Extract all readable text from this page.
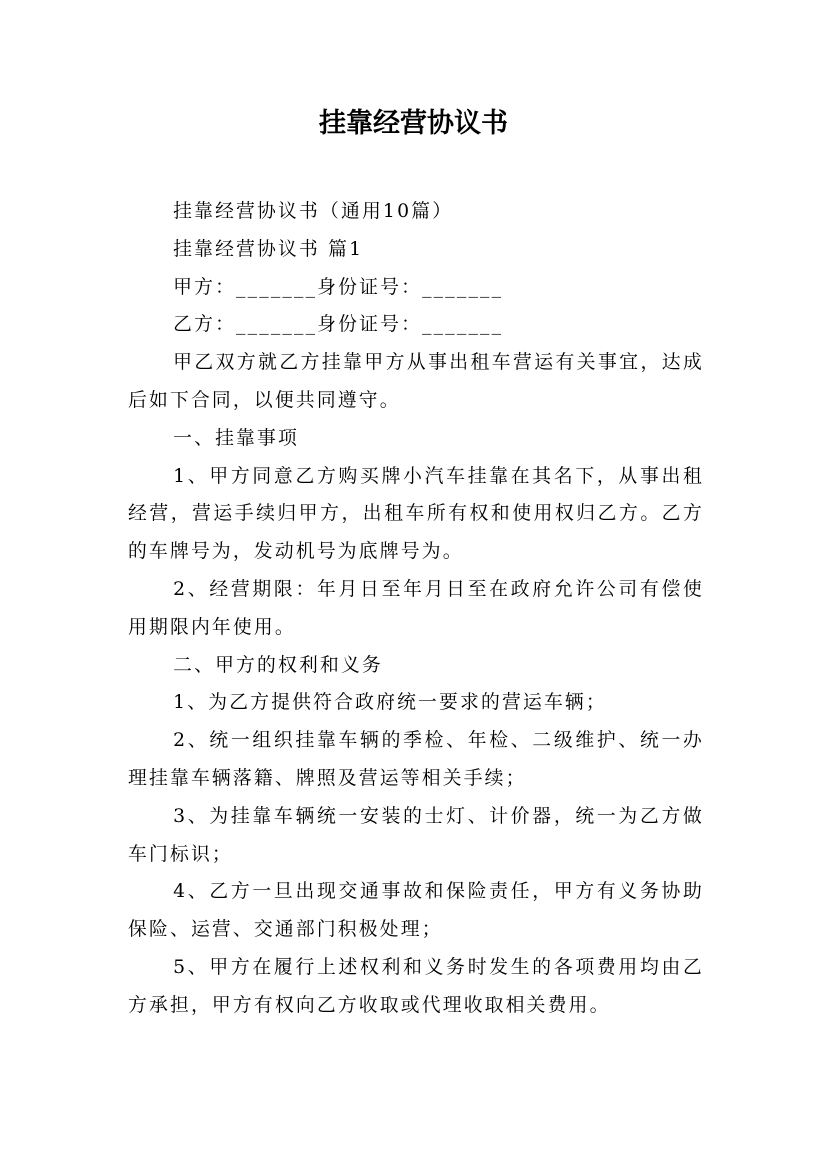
挂靠经营协议书

挂靠经营协议书（通用10篇）

挂靠经营协议书 篇1

甲方：_______身份证号：_______

乙方：_______身份证号：_______

甲乙双方就乙方挂靠甲方从事出租车营运有关事宜，达成后如下合同，以便共同遵守。

一、挂靠事项

1、甲方同意乙方购买牌小汽车挂靠在其名下，从事出租经营，营运手续归甲方，出租车所有权和使用权归乙方。乙方的车牌号为，发动机号为底牌号为。

2、经营期限：年月日至年月日至在政府允许公司有偿使用期限内年使用。

二、甲方的权利和义务

1、为乙方提供符合政府统一要求的营运车辆；

2、统一组织挂靠车辆的季检、年检、二级维护、统一办理挂靠车辆落籍、牌照及营运等相关手续；

3、为挂靠车辆统一安装的士灯、计价器，统一为乙方做车门标识；

4、乙方一旦出现交通事故和保险责任，甲方有义务协助保险、运营、交通部门积极处理；

5、甲方在履行上述权利和义务时发生的各项费用均由乙方承担，甲方有权向乙方收取或代理收取相关费用。
